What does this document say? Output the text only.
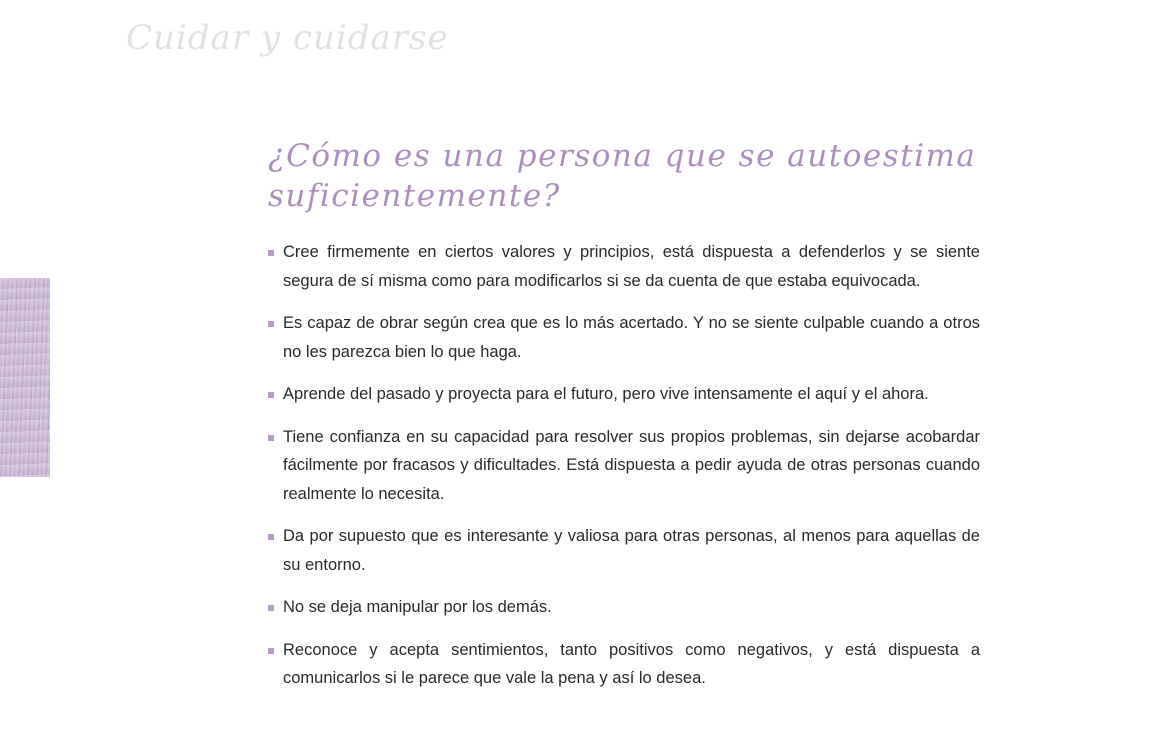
Cuidar y cuidarse
168
¿Cómo es una persona que se autoestima suficientemente?
Cree firmemente en ciertos valores y principios, está dispuesta a defenderlos y se siente segura de sí misma como para modificarlos si se da cuenta de que estaba equivocada.
Es capaz de obrar según crea que es lo más acertado. Y no se siente culpable cuando a otros no les parezca bien lo que haga.
Aprende del pasado y proyecta para el futuro, pero vive intensamente el aquí y el ahora.
Tiene confianza en su capacidad para resolver sus propios problemas, sin dejarse acobardar fácilmente por fracasos y dificultades. Está dispuesta a pedir ayuda de otras personas cuando realmente lo necesita.
Da por supuesto que es interesante y valiosa para otras personas, al menos para aquellas de su entorno.
No se deja manipular por los demás.
Reconoce y acepta sentimientos, tanto positivos como negativos, y está dispuesta a comunicarlos si le parece que vale la pena y así lo desea.
